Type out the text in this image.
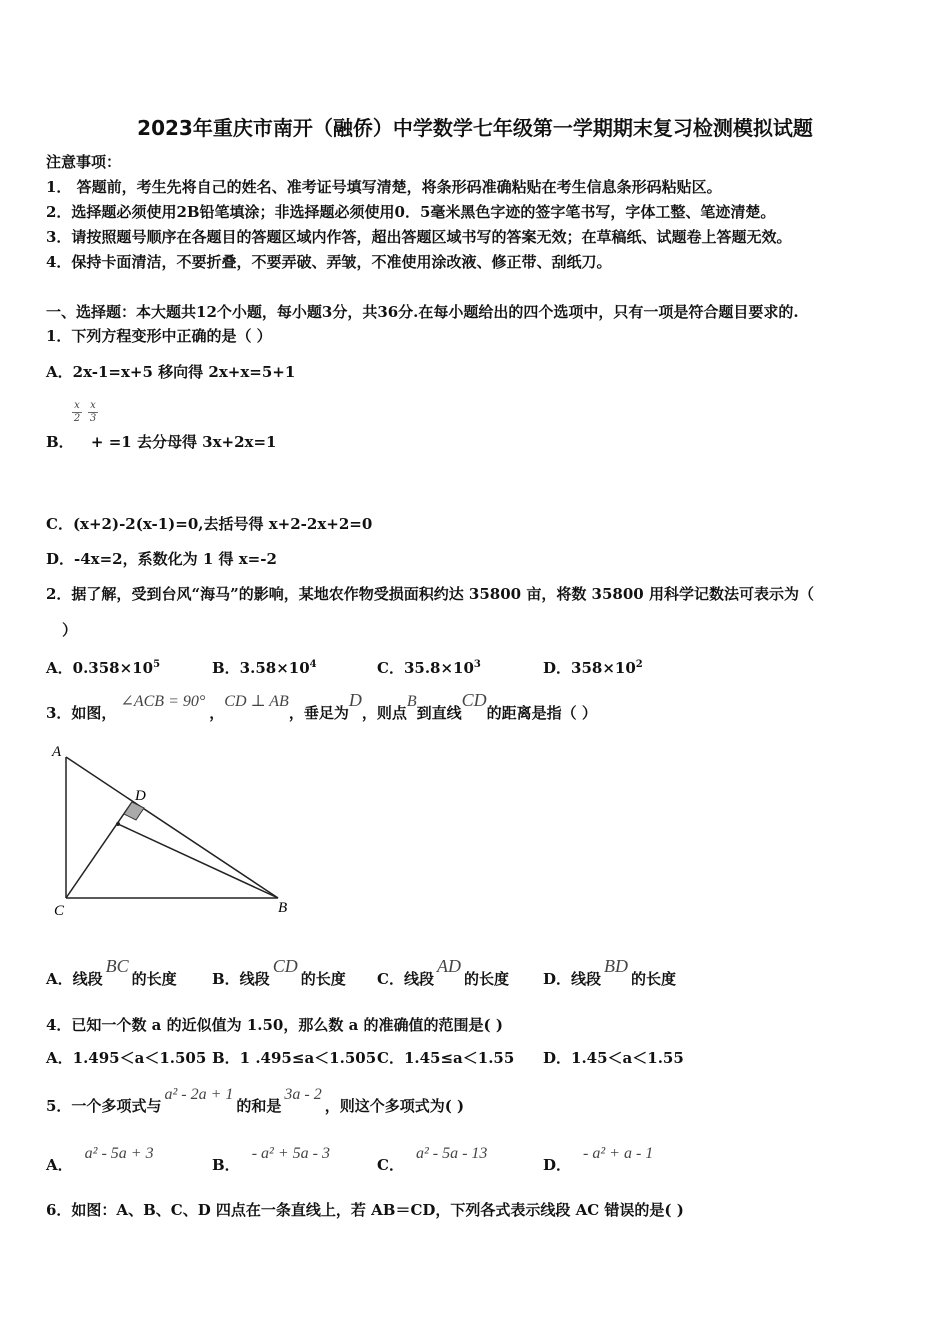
2023年重庆市南开（融侨）中学数学七年级第一学期期末复习检测模拟试题
注意事项：
1． 答题前，考生先将自己的姓名、准考证号填写清楚，将条形码准确粘贴在考生信息条形码粘贴区。
2．选择题必须使用2B铅笔填涂；非选择题必须使用0．5毫米黑色字迹的签字笔书写，字体工整、笔迹清楚。
3．请按照题号顺序在各题目的答题区域内作答，超出答题区域书写的答案无效；在草稿纸、试题卷上答题无效。
4．保持卡面清洁，不要折叠，不要弄破、弄皱，不准使用涂改液、修正带、刮纸刀。
一、选择题：本大题共12个小题，每小题3分，共36分.在每小题给出的四个选项中，只有一项是符合题目要求的.
1．下列方程变形中正确的是（ ）
A．2x-1=x+5 移向得 2x+x=5+1
$\frac{x}{2} \frac{x}{3}$
B． + =1 去分母得 3x+2x=1
C．(x+2)-2(x-1)=0,去括号得 x+2-2x+2=0
D．-4x=2，系数化为 1 得 x=-2
2．据了解，受到台风“海马”的影响，某地农作物受损面积约达 35800 亩，将数 35800 用科学记数法可表示为（
）
A．$0.358\times 10^5$	B．$3.58\times 10^4$	C．$35.8\times 10^3$	D．$358\times 10^2$
3．如图，∠ACB = 90°，CD ⊥ AB，垂足为D，则点B到直线CD的距离是指（ ）
A
D
C	B
A．线段BC的长度 B．线段CD的长度 C．线段AD的长度 D．线段BD的长度
4．已知一个数 a 的近似值为 1.50，那么数 a 的准确值的范围是( )
A．1.495＜a＜1.505 B．1 .495≤a＜1.505 C．1.45≤a＜1.55 D．1.45＜a＜1.55
5．一个多项式与a² - 2a + 1的和是3a - 2，则这个多项式为( )
A．a² - 5a + 3
B．- a² + 5a - 3
C．a² - 5a - 13
D．- a² + a - 1
6．如图：A、B、C、D 四点在一条直线上，若 AB＝CD，下列各式表示线段 AC 错误的是( )
